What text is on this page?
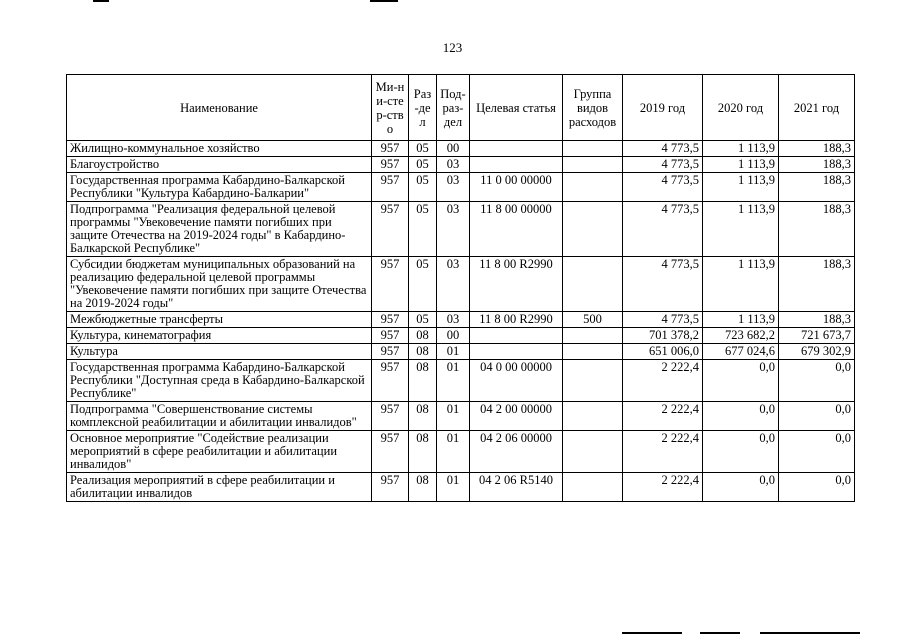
123
Наименование	Ми-ни-стер-ство	Раз-дел	Под-раз-дел	Целевая статья	Группа видов расходов	2019 год	2020 год	2021 год
Жилищно-коммунальное хозяйство	957	05	00			4 773,5	1 113,9	188,3
Благоустройство	957	05	03			4 773,5	1 113,9	188,3
Государственная программа Кабардино-Балкарской Республики "Культура Кабардино-Балкарии"	957	05	03	11 0 00 00000		4 773,5	1 113,9	188,3
Подпрограмма "Реализация федеральной целевой программы "Увековечение памяти погибших при защите Отечества на 2019-2024 годы" в Кабардино-Балкарской Республике"	957	05	03	11 8 00 00000		4 773,5	1 113,9	188,3
Субсидии бюджетам муниципальных образований на реализацию федеральной целевой программы "Увековечение памяти погибших при защите Отечества на 2019-2024 годы"	957	05	03	11 8 00 R2990		4 773,5	1 113,9	188,3
Межбюджетные трансферты	957	05	03	11 8 00 R2990	500	4 773,5	1 113,9	188,3
Культура, кинематография	957	08	00			701 378,2	723 682,2	721 673,7
Культура	957	08	01			651 006,0	677 024,6	679 302,9
Государственная программа Кабардино-Балкарской Республики "Доступная среда в Кабардино-Балкарской Республике"	957	08	01	04 0 00 00000		2 222,4	0,0	0,0
Подпрограмма "Совершенствование системы комплексной реабилитации и абилитации инвалидов"	957	08	01	04 2 00 00000		2 222,4	0,0	0,0
Основное мероприятие "Содействие реализации мероприятий в сфере реабилитации и абилитации инвалидов"	957	08	01	04 2 06 00000		2 222,4	0,0	0,0
Реализация мероприятий в сфере реабилитации и абилитации инвалидов	957	08	01	04 2 06 R5140		2 222,4	0,0	0,0
